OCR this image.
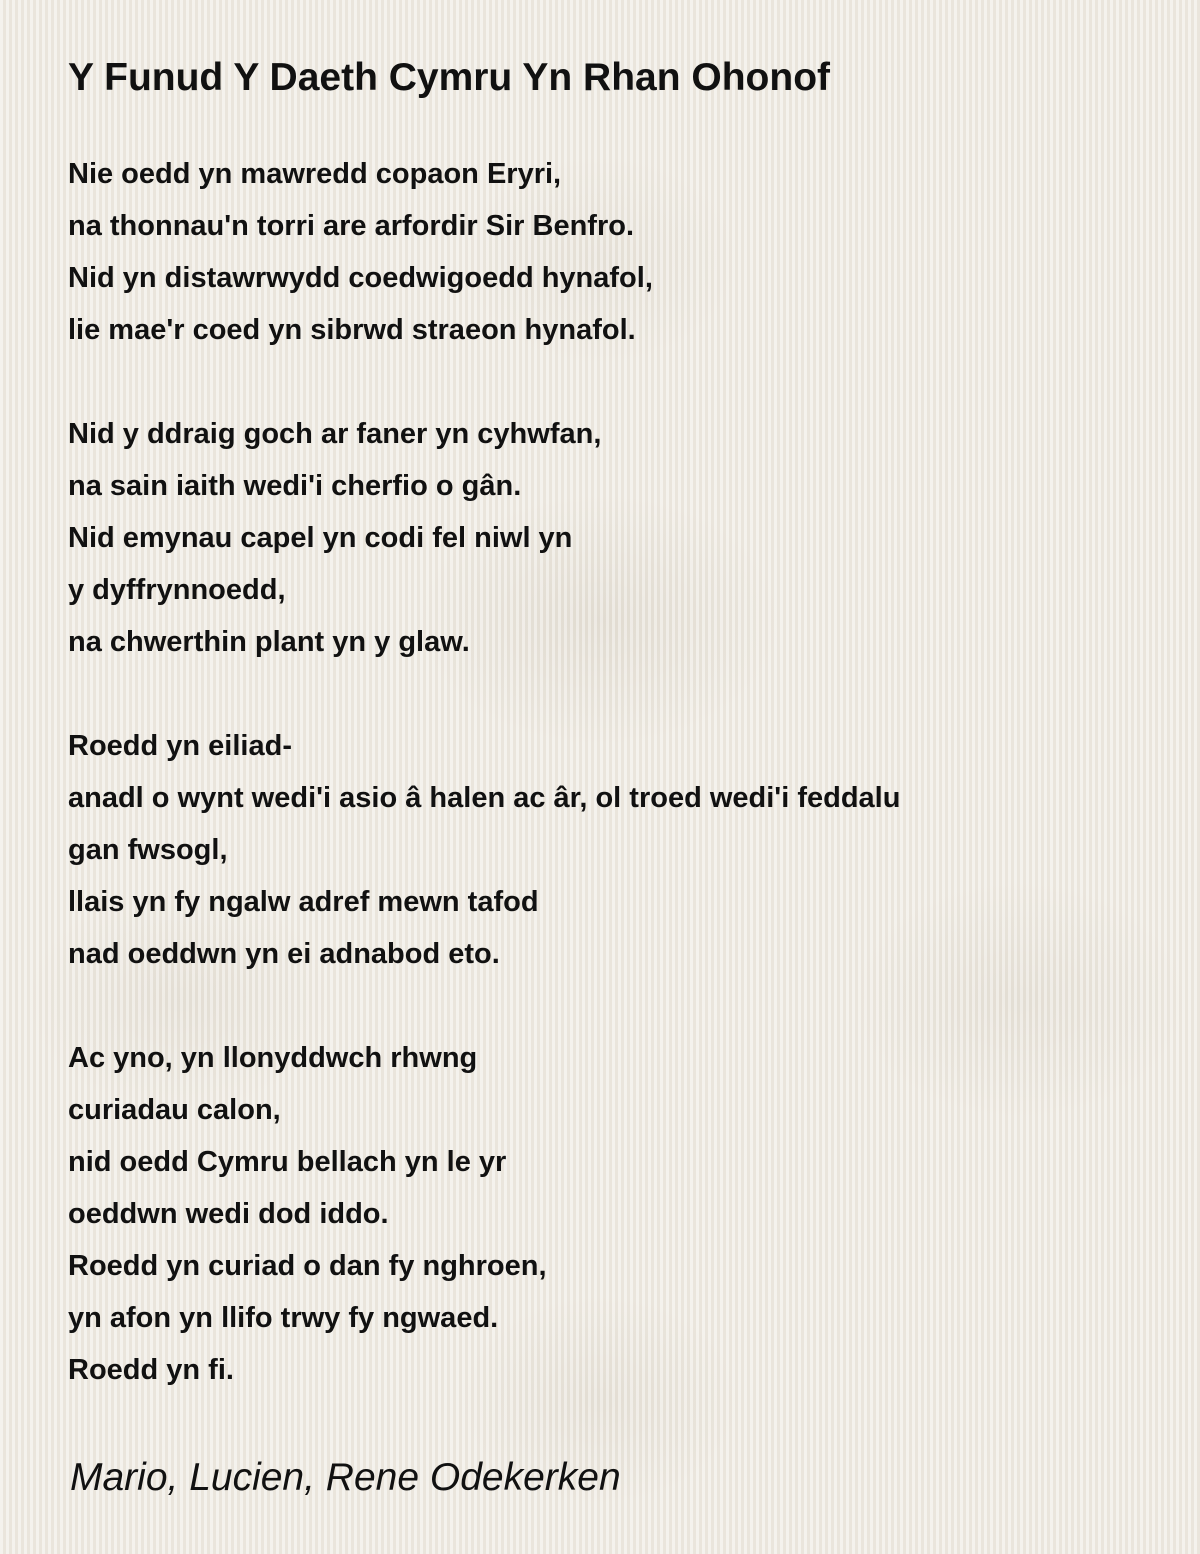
Y Funud Y Daeth Cymru Yn Rhan Ohonof
Nie oedd yn mawredd copaon Eryri,
na thonnau'n torri are arfordir Sir Benfro.
Nid yn distawrwydd coedwigoedd hynafol,
lie mae'r coed yn sibrwd straeon hynafol.
Nid y ddraig goch ar faner yn cyhwfan,
na sain iaith wedi'i cherfio o gân.
Nid emynau capel yn codi fel niwl yn
y dyffrynnoedd,
na chwerthin plant yn y glaw.
Roedd yn eiliad-
anadl o wynt wedi'i asio â halen ac âr, ol troed wedi'i feddalu
gan fwsogl,
llais yn fy ngalw adref mewn tafod
nad oeddwn yn ei adnabod eto.
Ac yno, yn llonyddwch rhwng
curiadau calon,
nid oedd Cymru bellach yn le yr
oeddwn wedi dod iddo.
Roedd yn curiad o dan fy nghroen,
yn afon yn llifo trwy fy ngwaed.
Roedd yn fi.
Mario, Lucien, Rene Odekerken
